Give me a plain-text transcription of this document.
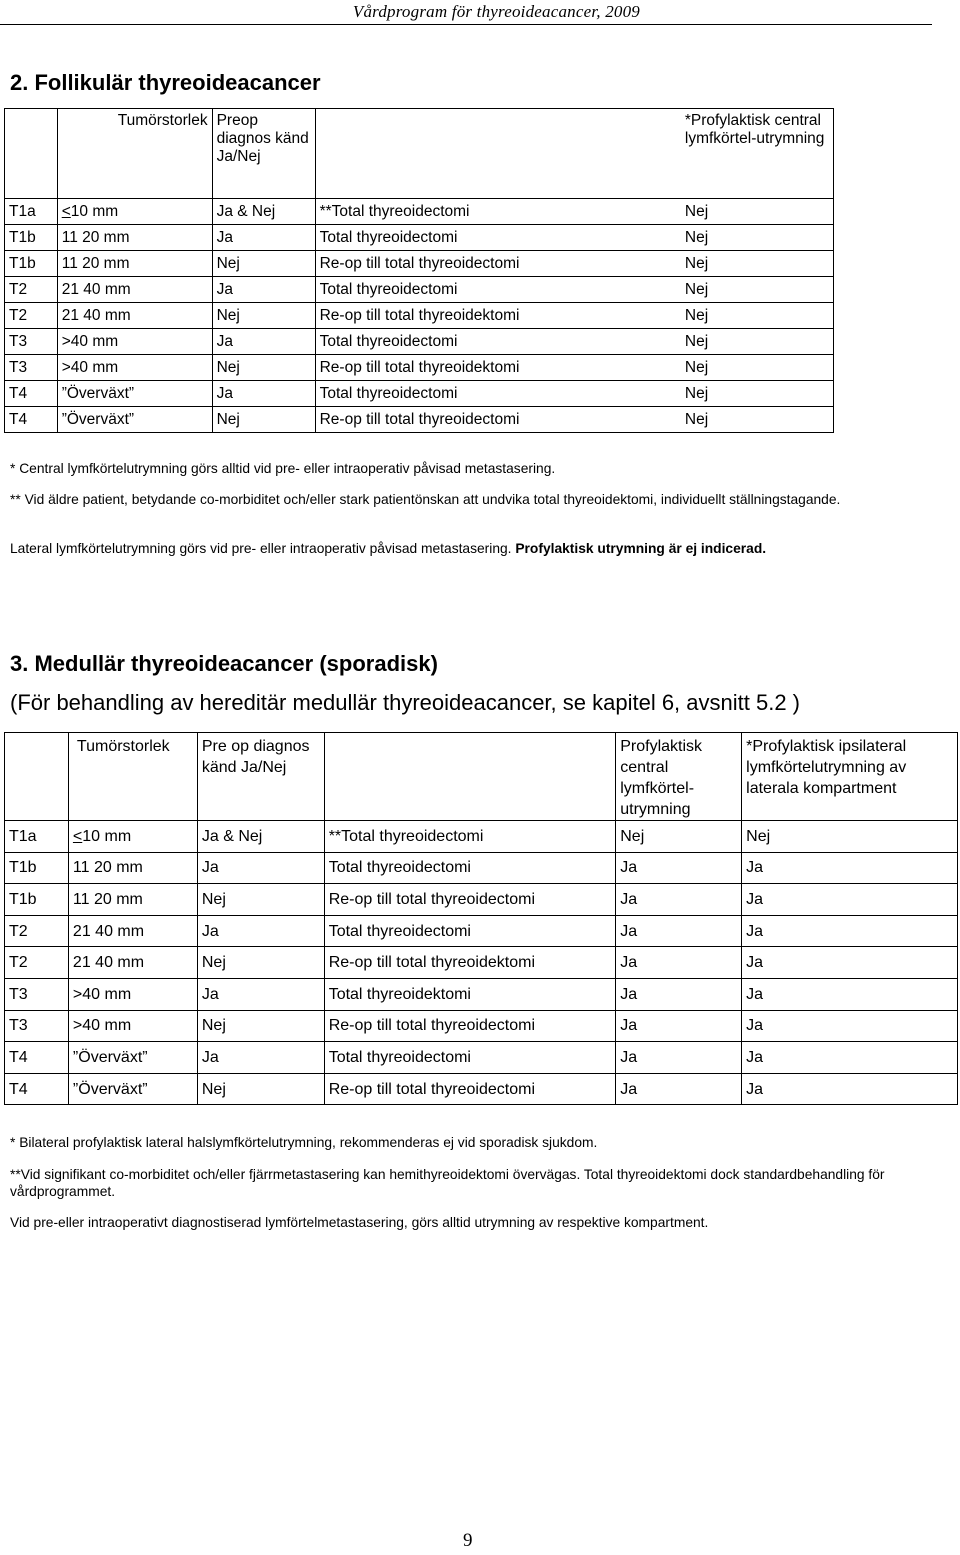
Vårdprogram för thyreoideacancer, 2009
2. Follikulär thyreoideacancer
	Tumörstorlek	Preop diagnos känd Ja/Nej		*Profylaktisk central lymfkörtel-utrymning
T1a	<10 mm	Ja & Nej	**Total thyreoidectomi	Nej
T1b	11 20 mm	Ja	Total thyreoidectomi	Nej
T1b	11 20 mm	Nej	Re-op till total thyreoidectomi	Nej
T2	21 40 mm	Ja	Total thyreoidectomi	Nej
T2	21 40 mm	Nej	Re-op till total thyreoidektomi	Nej
T3	>40 mm	Ja	Total thyreoidectomi	Nej
T3	>40 mm	Nej	Re-op till total thyreoidektomi	Nej
T4	”Överväxt”	Ja	Total thyreoidectomi	Nej
T4	”Överväxt”	Nej	Re-op till total thyreoidectomi	Nej
* Central lymfkörtelutrymning görs alltid vid pre- eller intraoperativ påvisad metastasering.
** Vid äldre patient, betydande co-morbiditet och/eller stark patientönskan att undvika total thyreoidektomi, individuellt ställningstagande.
Lateral lymfkörtelutrymning görs vid pre- eller intraoperativ påvisad metastasering. Profylaktisk utrymning är ej indicerad.
3. Medullär thyreoideacancer (sporadisk)
(För behandling av hereditär medullär thyreoideacancer, se kapitel 6, avsnitt 5.2 )
	Tumörstorlek	Pre op diagnos känd Ja/Nej		Profylaktisk central lymfkörtel-utrymning	*Profylaktisk ipsilateral lymfkörtelutrymning av laterala kompartment
T1a	<10 mm	Ja & Nej	**Total thyreoidectomi	Nej	Nej
T1b	11 20 mm	Ja	Total thyreoidectomi	Ja	Ja
T1b	11 20 mm	Nej	Re-op till total thyreoidectomi	Ja	Ja
T2	21 40 mm	Ja	Total thyreoidectomi	Ja	Ja
T2	21 40 mm	Nej	Re-op till total thyreoidektomi	Ja	Ja
T3	>40 mm	Ja	Total thyreoidektomi	Ja	Ja
T3	>40 mm	Nej	Re-op till total thyreoidectomi	Ja	Ja
T4	”Överväxt”	Ja	Total thyreoidectomi	Ja	Ja
T4	”Överväxt”	Nej	Re-op till total thyreoidectomi	Ja	Ja
* Bilateral profylaktisk lateral halslymfkörtelutrymning, rekommenderas ej vid sporadisk sjukdom.
**Vid signifikant co-morbiditet och/eller fjärrmetastasering kan hemithyreoidektomi övervägas. Total thyreoidektomi dock standardbehandling för vårdprogrammet.
Vid pre-eller intraoperativt diagnostiserad lymförtelmetastasering, görs alltid utrymning av respektive kompartment.
9
